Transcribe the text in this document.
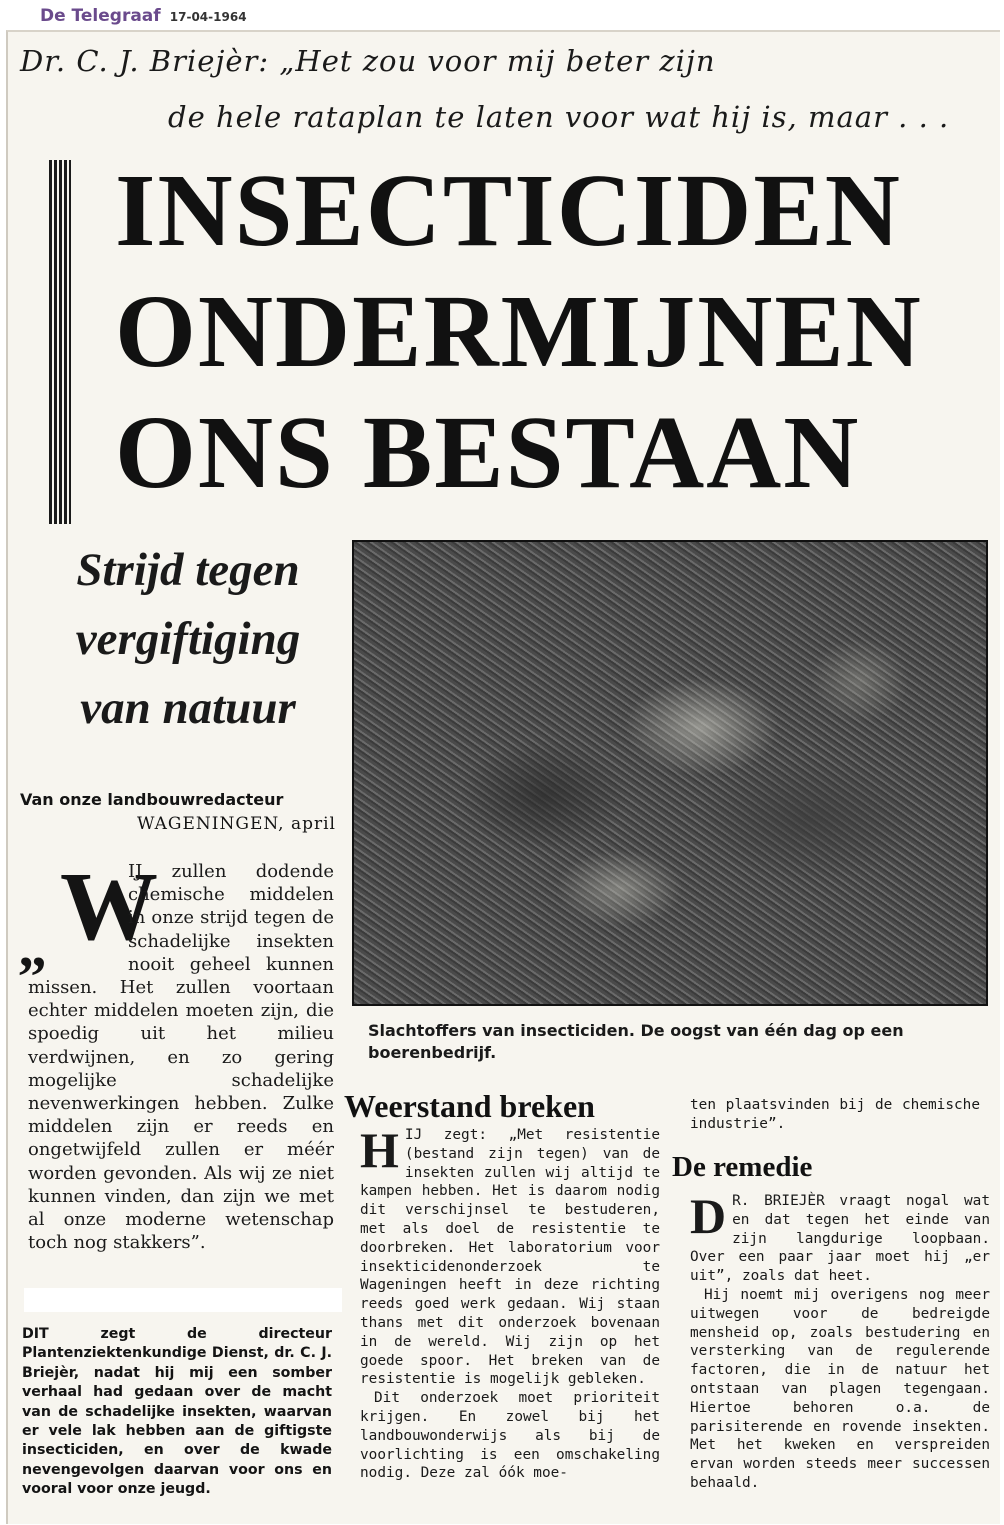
De Telegraaf 17-04-1964
Dr. C. J. Briejèr: „Het zou voor mij beter zijn
de hele rataplan te laten voor wat hij is, maar . . .
INSECTICIDEN
ONDERMIJNEN
ONS BESTAAN
Strijd tegen
vergiftiging
van natuur
Slachtoffers van insecticiden. De oogst van één dag op een boerenbedrijf.
Van onze landbouwredacteur
WAGENINGEN, april
„ W
IJ zullen dodende chemische middelen in onze strijd tegen de schadelijke insekten nooit geheel kunnen missen. Het zullen voortaan echter middelen moeten zijn, die spoedig uit het milieu verdwijnen, en zo gering mogelijke schadelijke nevenwerkingen hebben. Zulke middelen zijn er reeds en ongetwijfeld zullen er méér worden gevonden. Als wij ze niet kunnen vinden, dan zijn we met al onze moderne wetenschap toch nog stakkers”.
DIT zegt de directeur Plantenziektenkundige Dienst, dr. C. J. Briejèr, nadat hij mij een somber verhaal had gedaan over de macht van de schadelijke insekten, waarvan er vele lak hebben aan de giftigste insecticiden, en over de kwade nevengevolgen daarvan voor ons en vooral voor onze jeugd.
Weerstand breken

HIJ zegt: „Met resistentie (bestand zijn tegen) van de insekten zullen wij altijd te kampen hebben. Het is daarom nodig dit verschijnsel te bestuderen, met als doel de resistentie te doorbreken. Het laboratorium voor insekticidenonderzoek te Wageningen heeft in deze richting reeds goed werk gedaan. Wij staan thans met dit onderzoek bovenaan in de wereld. Wij zijn op het goede spoor. Het breken van de resistentie is mogelijk gebleken.

Dit onderzoek moet prioriteit krijgen. En zowel bij het landbouwonderwijs als bij de voorlichting is een omschakeling nodig. Deze zal óók moe-

ten plaatsvinden bij de chemische industrie”.

De remedie

D R. BRIEJÈR vraagt nogal wat en dat tegen het einde van zijn langdurige loopbaan. Over een paar jaar moet hij „er uit”, zoals dat heet.

Hij noemt mij overigens nog meer uitwegen voor de bedreigde mensheid op, zoals bestudering en versterking van de regulerende factoren, die in de natuur het ontstaan van plagen tegengaan. Hiertoe behoren o.a. de parisiterende en rovende insekten. Met het kweken en verspreiden ervan worden steeds meer successen behaald.
